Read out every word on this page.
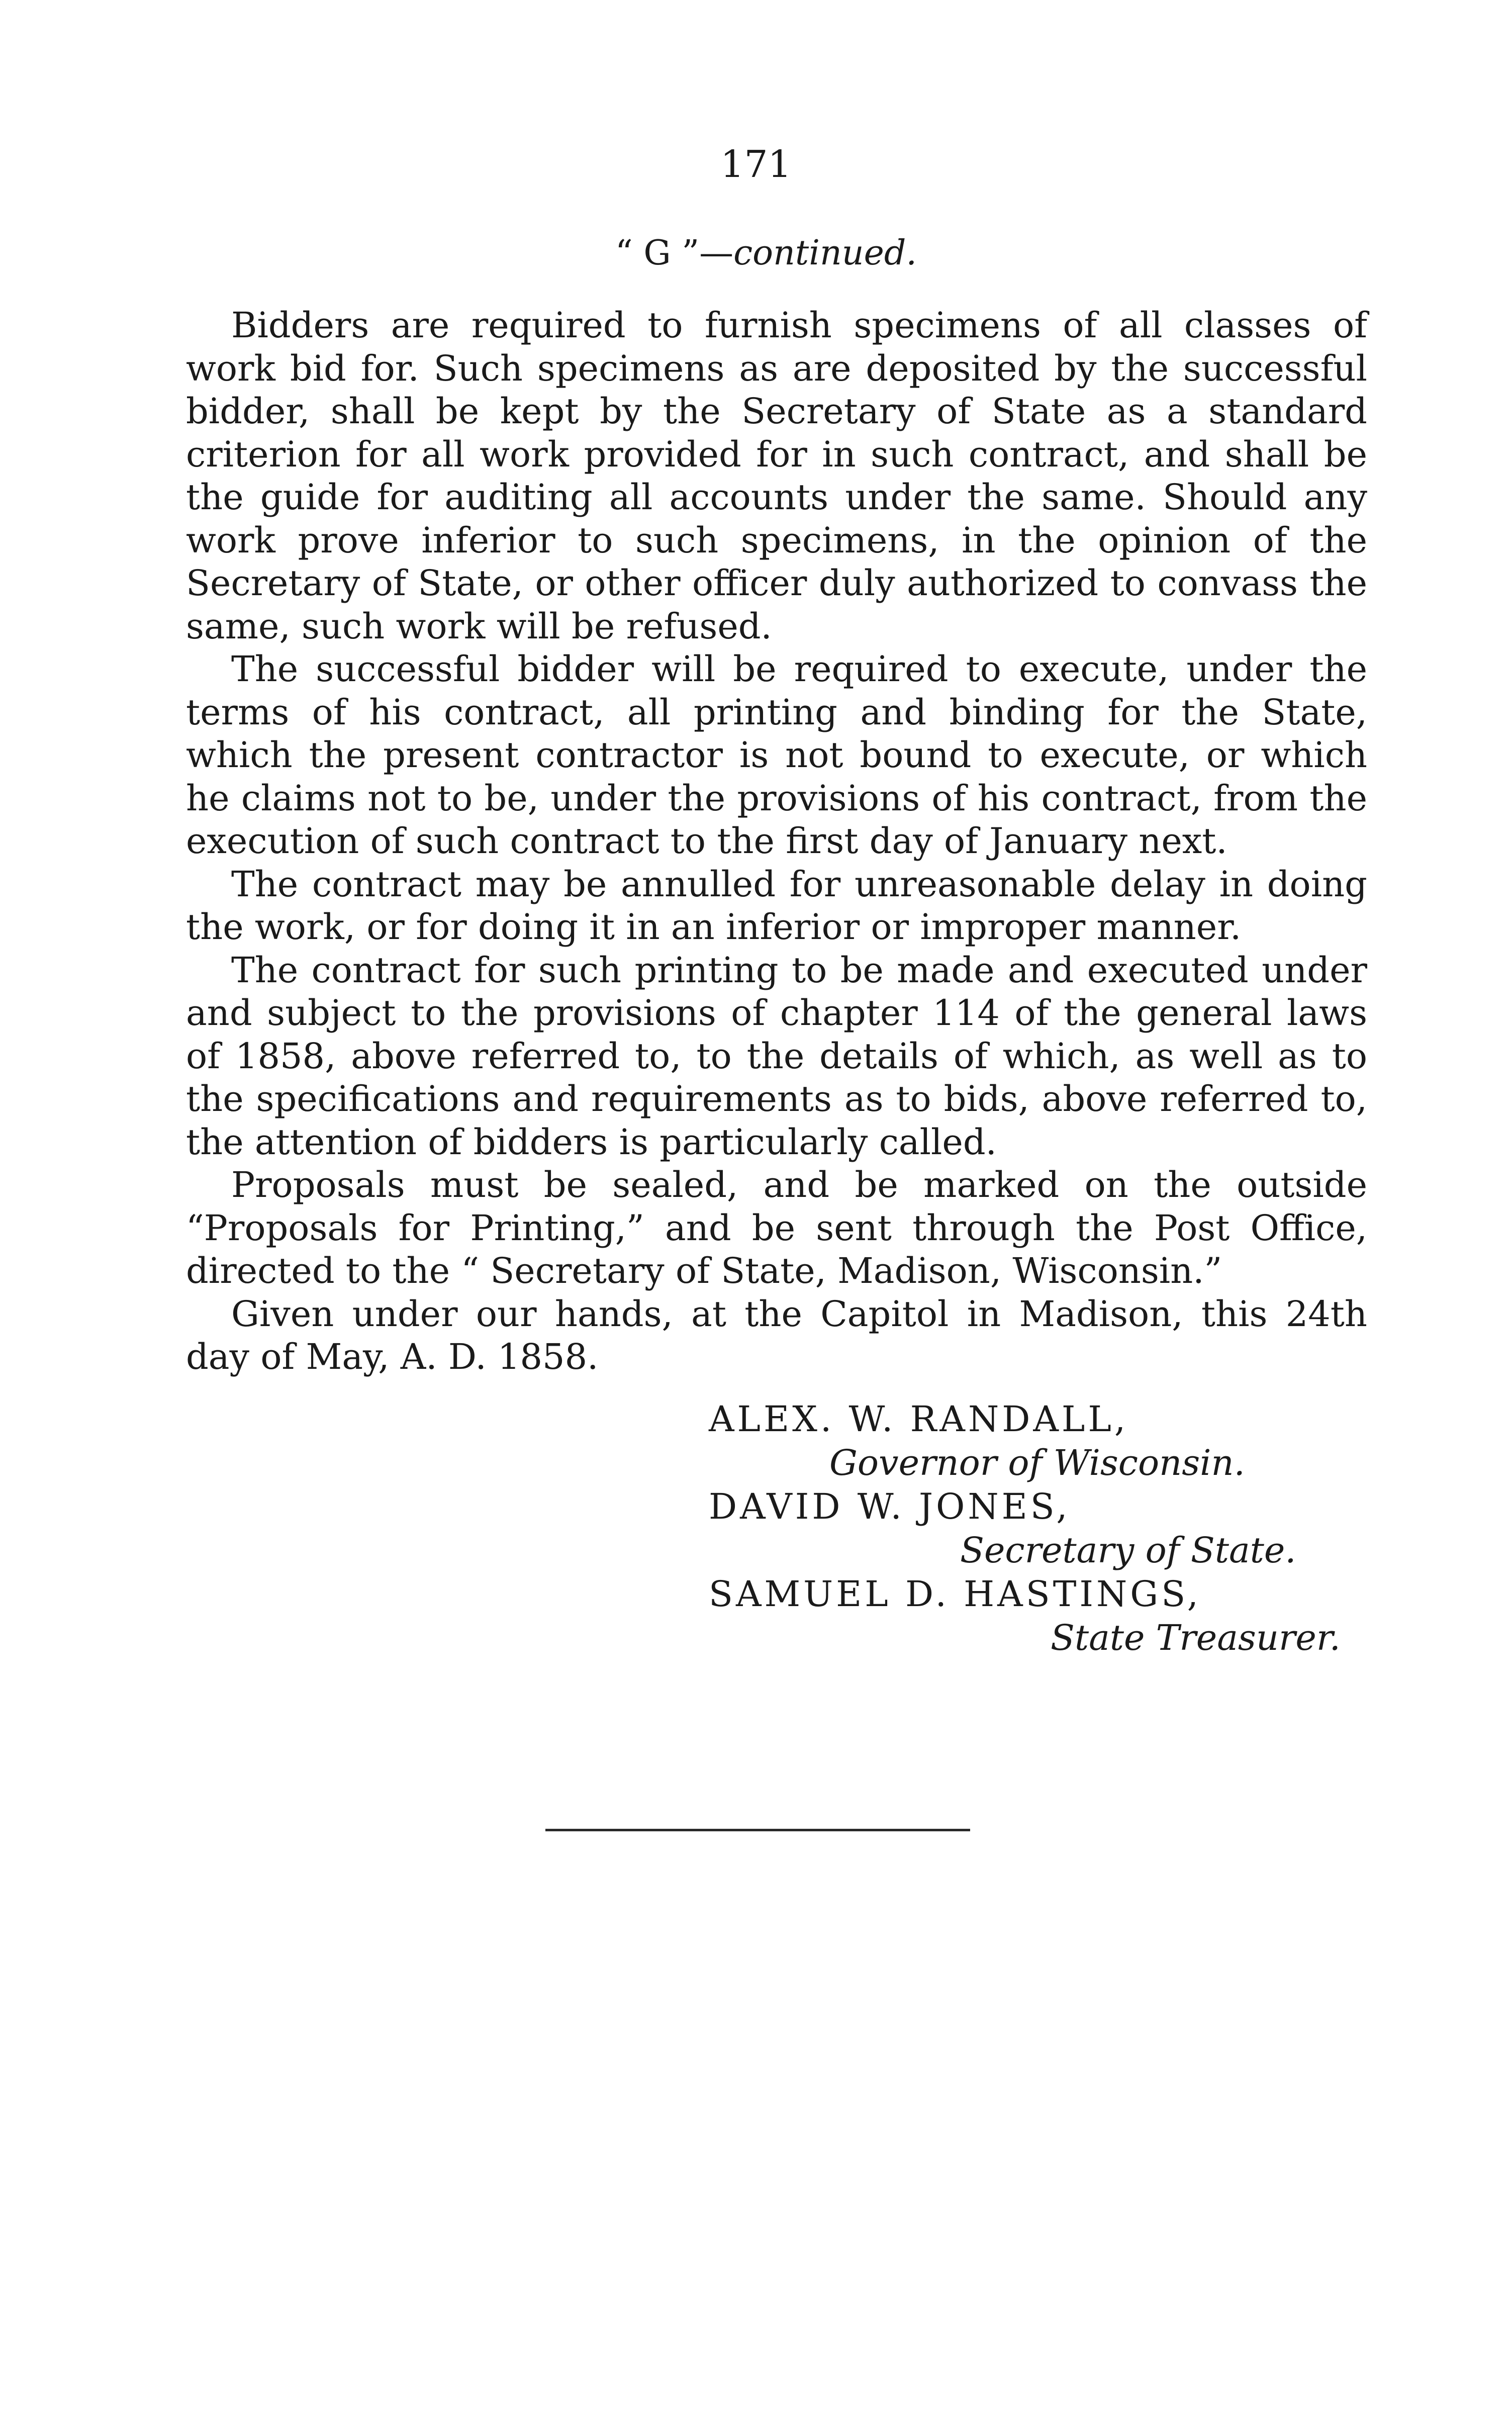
171
“ G ”—continued.

Bidders are required to furnish specimens of all classes of work bid for. Such specimens as are deposited by the successful bidder, shall be kept by the Secretary of State as a standard criterion for all work provided for in such contract, and shall be the guide for auditing all accounts under the same. Should any work prove inferior to such specimens, in the opinion of the Secretary of State, or other officer duly authorized to convass the same, such work will be refused.

The successful bidder will be required to execute, under the terms of his contract, all printing and binding for the State, which the present contractor is not bound to execute, or which he claims not to be, under the provisions of his contract, from the execution of such contract to the first day of January next.

The contract may be annulled for unreasonable delay in doing the work, or for doing it in an inferior or improper manner.

The contract for such printing to be made and executed under and subject to the provisions of chapter 114 of the general laws of 1858, above referred to, to the details of which, as well as to the specifications and requirements as to bids, above referred to, the attention of bidders is particularly called.

Proposals must be sealed, and be marked on the outside “Proposals for Printing,” and be sent through the Post Office, directed to the “ Secretary of State, Madison, Wisconsin.”

Given under our hands, at the Capitol in Madison, this 24th day of May, A. D. 1858.

ALEX. W. RANDALL,

Governor of Wisconsin.

DAVID W. JONES,

Secretary of State.

SAMUEL D. HASTINGS,

State Treasurer.
